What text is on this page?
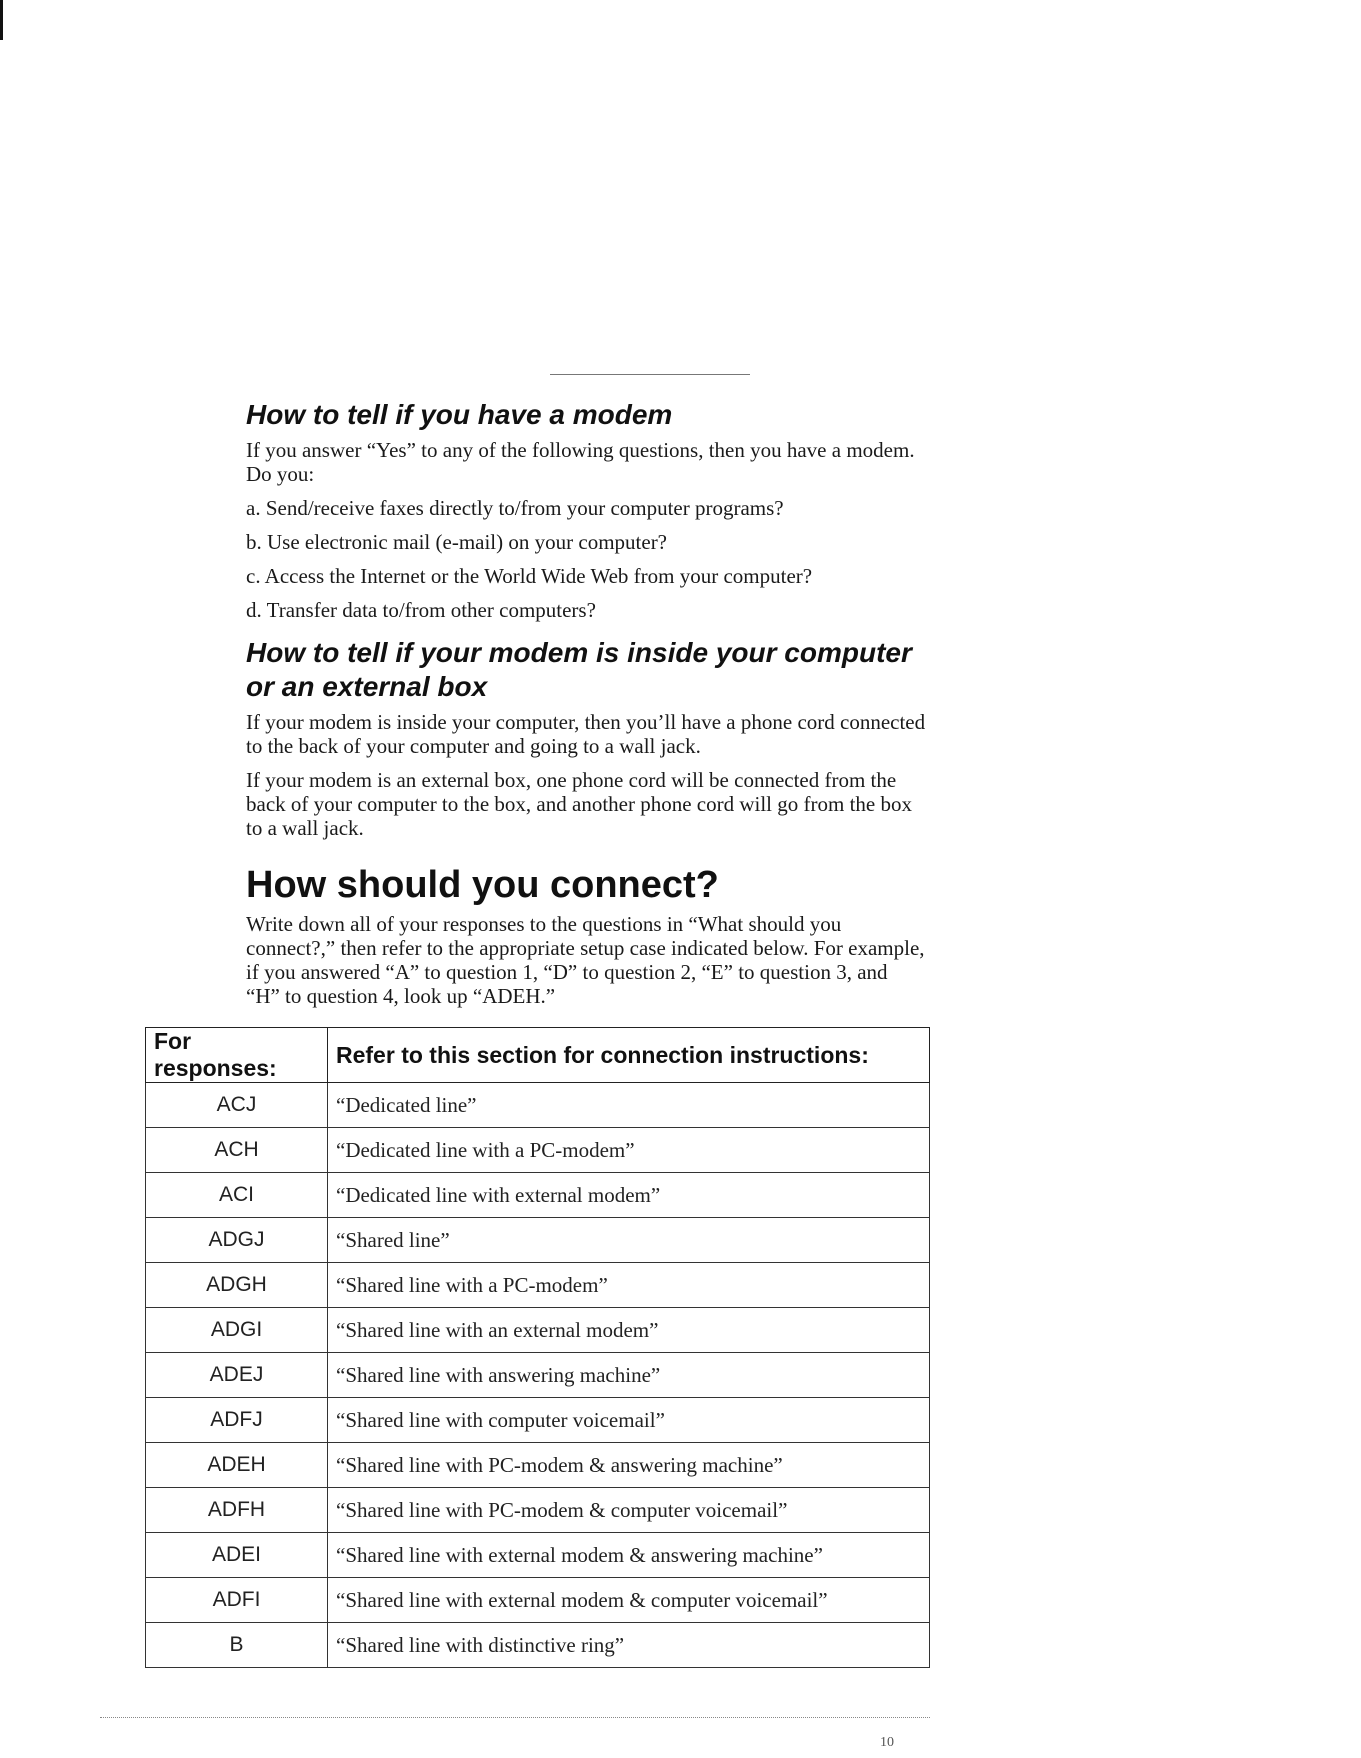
How to tell if you have a modem

If you answer “Yes” to any of the following questions, then you have a modem. Do you:

a. Send/receive faxes directly to/from your computer programs?
b. Use electronic mail (e-mail) on your computer?
c. Access the Internet or the World Wide Web from your computer?
d. Transfer data to/from other computers?
How to tell if your modem is inside your computer or an external box

If your modem is inside your computer, then you’ll have a phone cord connected to the back of your computer and going to a wall jack.

If your modem is an external box, one phone cord will be connected from the back of your computer to the box, and another phone cord will go from the box to a wall jack.

How should you connect?

Write down all of your responses to the questions in “What should you connect?,” then refer to the appropriate setup case indicated below. For example, if you answered “A” to question 1, “D” to question 2, “E” to question 3, and “H” to question 4, look up “ADEH.”

For responses:	Refer to this section for connection instructions:
ACJ	“Dedicated line”
ACH	“Dedicated line with a PC-modem”
ACI	“Dedicated line with external modem”
ADGJ	“Shared line”
ADGH	“Shared line with a PC-modem”
ADGI	“Shared line with an external modem”
ADEJ	“Shared line with answering machine”
ADFJ	“Shared line with computer voicemail”
ADEH	“Shared line with PC-modem & answering machine”
ADFH	“Shared line with PC-modem & computer voicemail”
ADEI	“Shared line with external modem & answering machine”
ADFI	“Shared line with external modem & computer voicemail”
B	“Shared line with distinctive ring”
10
